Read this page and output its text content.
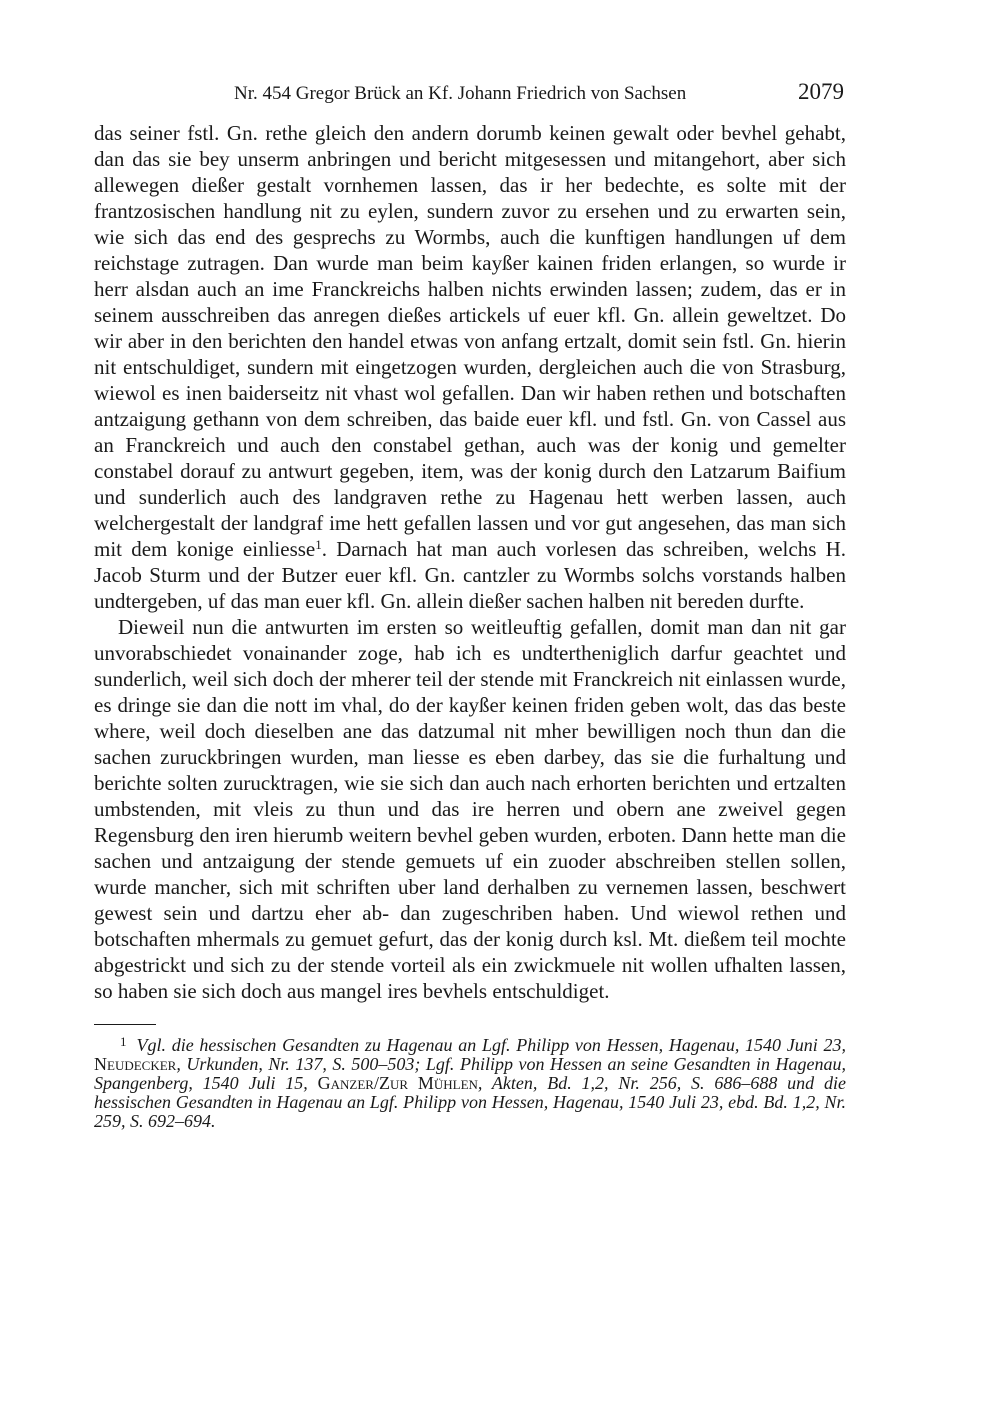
Nr. 454 Gregor Brück an Kf. Johann Friedrich von Sachsen	2079

das seiner fstl. Gn. rethe gleich den andern dorumb keinen gewalt oder bevhel gehabt, dan das sie bey unserm anbringen und bericht mitgesessen und mitangehort, aber sich allewegen dießer gestalt vornhemen lassen, das ir her bedechte, es solte mit der frantzosischen handlung nit zu eylen, sundern zuvor zu ersehen und zu erwarten sein, wie sich das end des gesprechs zu Wormbs, auch die kunftigen handlungen uf dem reichstage zutragen. Dan wurde man beim kayßer kainen friden erlangen, so wurde ir herr alsdan auch an ime Franckreichs halben nichts erwinden lassen; zudem, das er in seinem ausschreiben das anregen dießes artickels uf euer kfl. Gn. allein geweltzet. Do wir aber in den berichten den handel etwas von anfang ertzalt, domit sein fstl. Gn. hierin nit entschuldiget, sundern mit eingetzogen wurden, dergleichen auch die von Strasburg, wiewol es inen baiderseitz nit vhast wol gefallen. Dan wir haben rethen und botschaften antzaigung gethann von dem schreiben, das baide euer kfl. und fstl. Gn. von Cassel aus an Franckreich und auch den constabel gethan, auch was der konig und gemelter constabel dorauf zu antwurt gegeben, item, was der konig durch den Latzarum Baifium und sunderlich auch des landgraven rethe zu Hagenau hett werben lassen, auch welchergestalt der landgraf ime hett gefallen lassen und vor gut angesehen, das man sich mit dem konige einliesse$^1$. Darnach hat man auch vorlesen das schreiben, welchs H. Jacob Sturm und der Butzer euer kfl. Gn. cantzler zu Wormbs solchs vorstands halben undtergeben, uf das man euer kfl. Gn. allein dießer sachen halben nit bereden durfte.

Dieweil nun die antwurten im ersten so weitleuftig gefallen, domit man dan nit gar unvorabschiedet vonainander zoge, hab ich es undtertheniglich darfur geachtet und sunderlich, weil sich doch der mherer teil der stende mit Franckreich nit einlassen wurde, es dringe sie dan die nott im vhal, do der kayßer keinen friden geben wolt, das das beste where, weil doch dieselben ane das datzumal nit mher bewilligen noch thun dan die sachen zuruckbringen wurden, man liesse es eben darbey, das sie die furhaltung und berichte solten zurucktragen, wie sie sich dan auch nach erhorten berichten und ertzalten umbstenden, mit vleis zu thun und das ire herren und obern ane zweivel gegen Regensburg den iren hierumb weitern bevhel geben wurden, erboten. Dann hette man die sachen und antzaigung der stende gemuets uf ein zuoder abschreiben stellen sollen, wurde mancher, sich mit schriften uber land derhalben zu vernemen lassen, beschwert gewest sein und dartzu eher ab- dan zugeschriben haben. Und wiewol rethen und botschaften mhermals zu gemuet gefurt, das der konig durch ksl. Mt. dießem teil mochte abgestrickt und sich zu der stende vorteil als ein zwickmuele nit wollen ufhalten lassen, so haben sie sich doch aus mangel ires bevhels entschuldiget.

$^1$ Vgl. die hessischen Gesandten zu Hagenau an Lgf. Philipp von Hessen, Hagenau, 1540 Juni 23, Neudecker, Urkunden, Nr. 137, S. 500–503; Lgf. Philipp von Hessen an seine Gesandten in Hagenau, Spangenberg, 1540 Juli 15, Ganzer/Zur Mühlen, Akten, Bd. 1,2, Nr. 256, S. 686–688 und die hessischen Gesandten in Hagenau an Lgf. Philipp von Hessen, Hagenau, 1540 Juli 23, ebd. Bd. 1,2, Nr. 259, S. 692–694.
